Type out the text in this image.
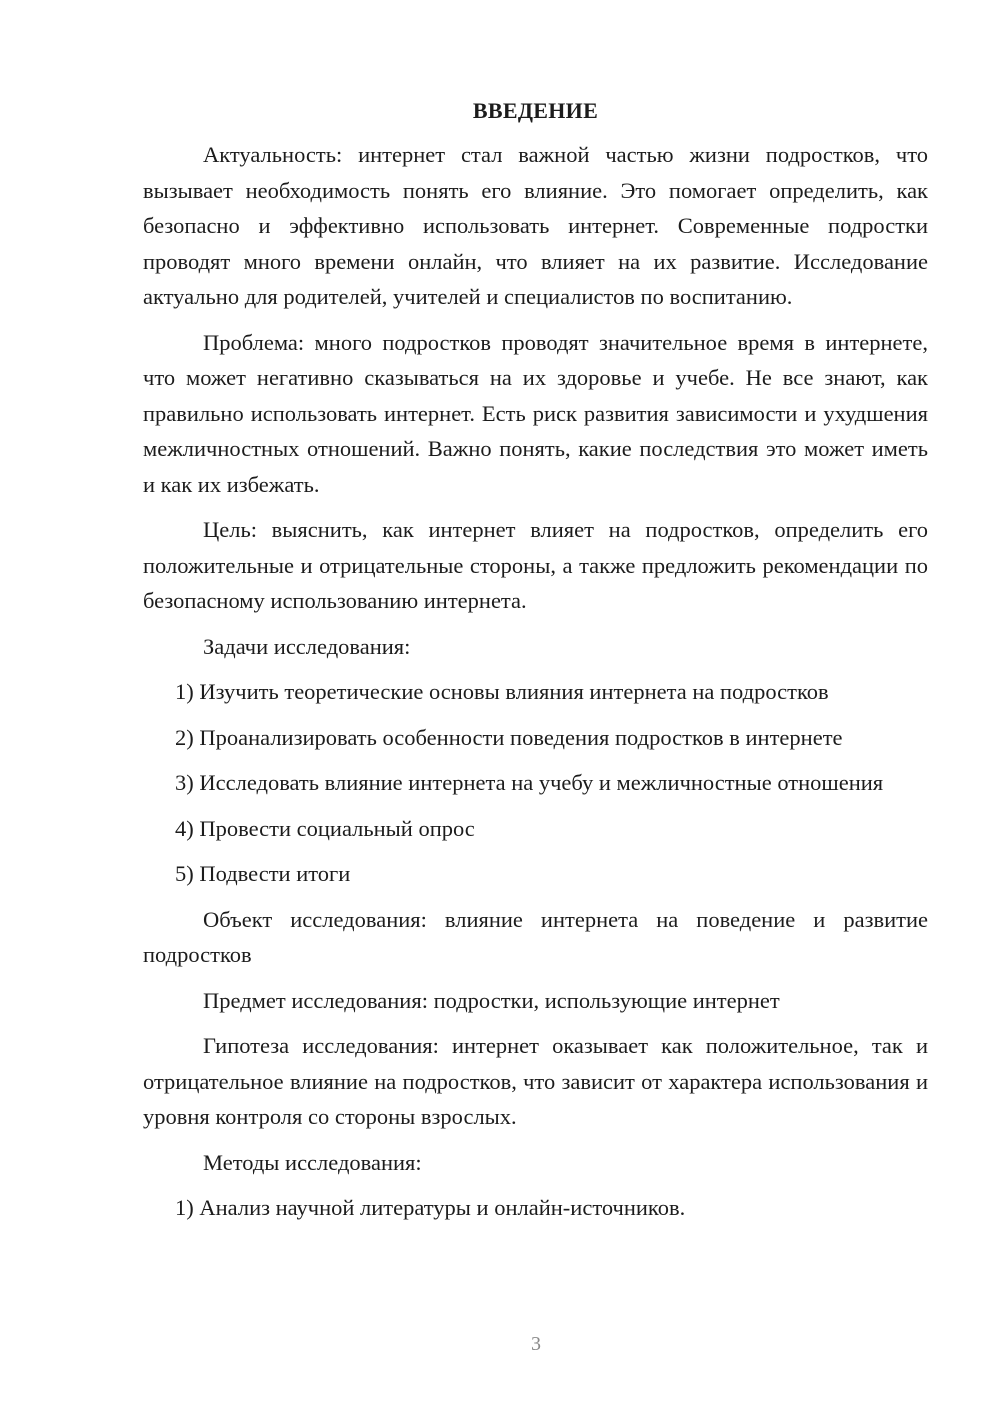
ВВЕДЕНИЕ

Актуальность: интернет стал важной частью жизни подростков, что вызывает необходимость понять его влияние. Это помогает определить, как безопасно и эффективно использовать интернет. Современные подростки проводят много времени онлайн, что влияет на их развитие. Исследование актуально для родителей, учителей и специалистов по воспитанию.

Проблема: много подростков проводят значительное время в интернете, что может негативно сказываться на их здоровье и учебе. Не все знают, как правильно использовать интернет. Есть риск развития зависимости и ухудшения межличностных отношений. Важно понять, какие последствия это может иметь и как их избежать.

Цель: выяснить, как интернет влияет на подростков, определить его положительные и отрицательные стороны, а также предложить рекомендации по безопасному использованию интернета.

Задачи исследования:

1) Изучить теоретические основы влияния интернета на подростков

2) Проанализировать особенности поведения подростков в интернете

3) Исследовать влияние интернета на учебу и межличностные отношения

4) Провести социальный опрос

5) Подвести итоги

Объект исследования: влияние интернета на поведение и развитие подростков

Предмет исследования: подростки, использующие интернет

Гипотеза исследования: интернет оказывает как положительное, так и отрицательное влияние на подростков, что зависит от характера использования и уровня контроля со стороны взрослых.

Методы исследования:

1) Анализ научной литературы и онлайн-источников.

3
